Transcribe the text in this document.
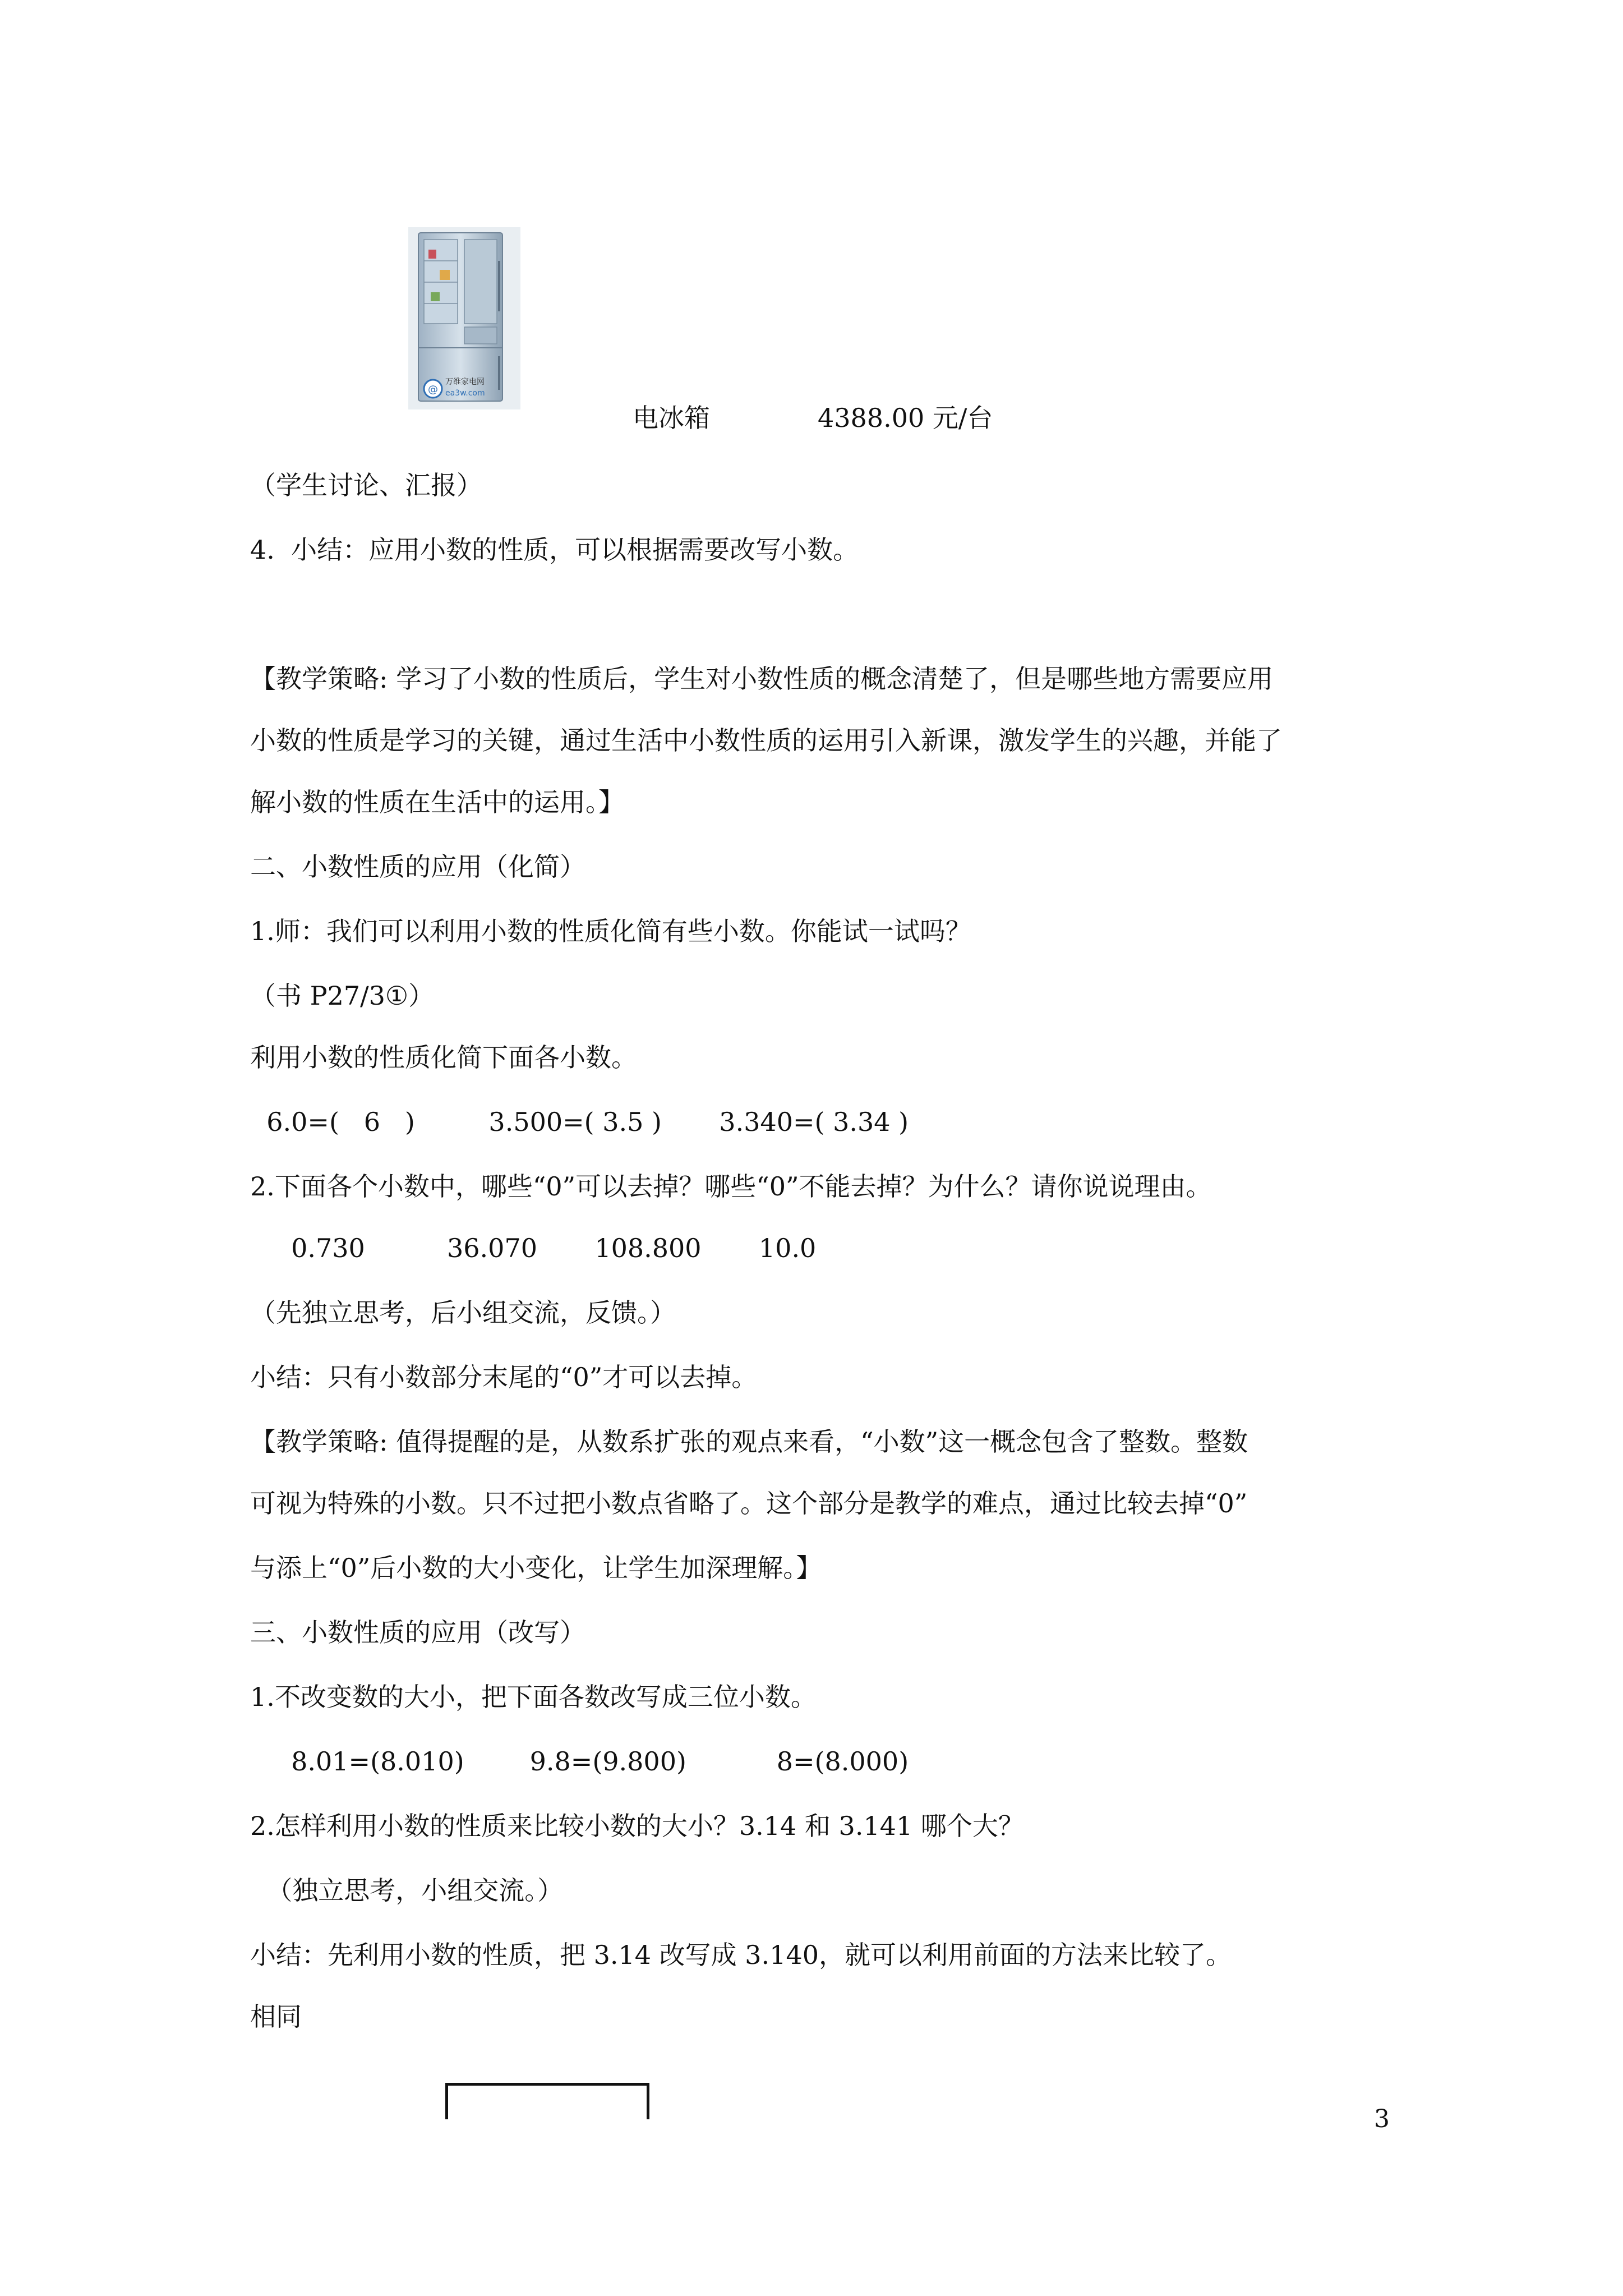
@
万维家电网
ea3w.com
电冰箱	4388.00 元/台
（学生讨论、汇报）
4.  小结：应用小数的性质，可以根据需要改写小数。
【教学策略: 学习了小数的性质后，学生对小数性质的概念清楚了，但是哪些地方需要应用
小数的性质是学习的关键，通过生活中小数性质的运用引入新课，激发学生的兴趣，并能了
解小数的性质在生活中的运用。】
二、小数性质的应用（化简）
1.师：我们可以利用小数的性质化简有些小数。你能试一试吗？
（书 P27/3①）
利用小数的性质化简下面各小数。
6.0=(   6   )         3.500=( 3.5 )       3.340=( 3.34 )
2.下面各个小数中，哪些“0”可以去掉？哪些“0”不能去掉？为什么？请你说说理由。
0.730          36.070       108.800       10.0
（先独立思考，后小组交流，反馈。）
小结：只有小数部分末尾的“0”才可以去掉。
【教学策略: 值得提醒的是，从数系扩张的观点来看，“小数”这一概念包含了整数。整数
可视为特殊的小数。只不过把小数点省略了。这个部分是教学的难点，通过比较去掉“0”
与添上“0”后小数的大小变化，让学生加深理解。】
三、小数性质的应用（改写）
1.不改变数的大小，把下面各数改写成三位小数。
8.01=(8.010)        9.8=(9.800)           8=(8.000)
2.怎样利用小数的性质来比较小数的大小？3.14 和 3.141 哪个大？
（独立思考，小组交流。）
小结：先利用小数的性质，把 3.14 改写成 3.140，就可以利用前面的方法来比较了。
相同
3
